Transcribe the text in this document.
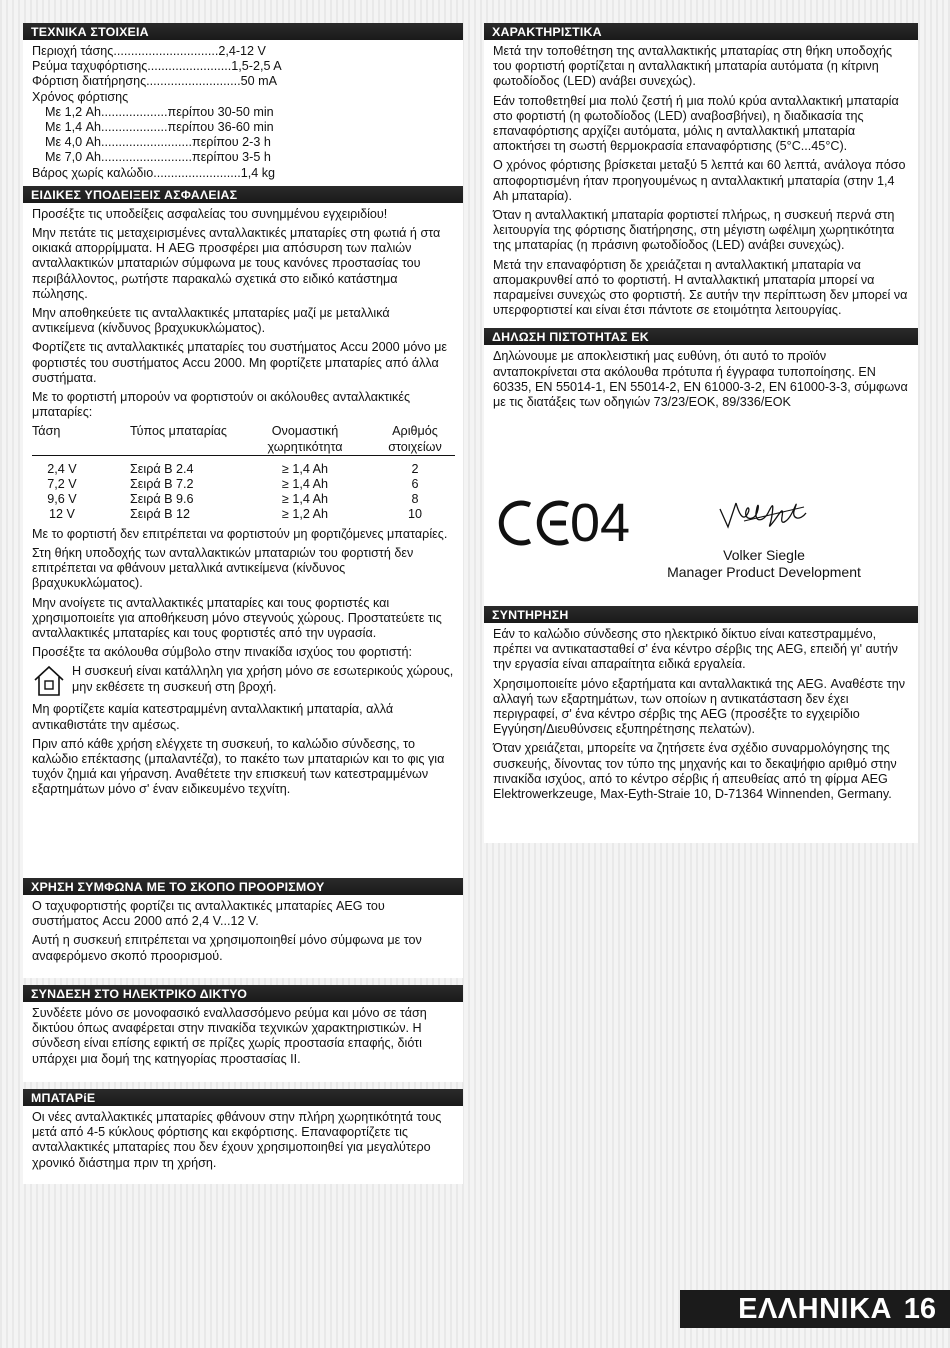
ΤΕΧΝΙΚΑ ΣΤΟΙΧΕΙΑ
Περιοχή τάσης .............................. 2,4-12 V
Ρεύμα ταχυφόρτισης ........................ 1,5-2,5 A
Φόρτιση διατήρησης ........................... 50 mA
Χρόνος φόρτισης
Με 1,2 Ah ................... περίπου 30-50 min
Με 1,4 Ah ................... περίπου 36-60 min
Με 4,0 Ah .......................... περίπου 2-3 h
Με 7,0 Ah .......................... περίπου 3-5 h
Βάρος χωρίς καλώδιο ......................... 1,4 kg
ΕΙΔΙΚΕΣ ΥΠΟΔΕΙΞΕΙΣ ΑΣΦΑΛΕΙΑΣ

Προσέξτε τις υποδείξεις ασφαλείας του συνημμένου εγχειριδίου!

Μην πετάτε τις μεταχειρισμένες ανταλλακτικές μπαταρίες στη φωτιά ή στα οικιακά απορρίμματα. Η AEG προσφέρει μια απόσυρση των παλιών ανταλλακτικών μπαταριών σύμφωνα με τους κανόνες προστασίας του περιβάλλοντος, ρωτήστε παρακαλώ σχετικά στο ειδικό κατάστημα πώλησης.

Μην αποθηκεύετε τις ανταλλακτικές μπαταρίες μαζί με μεταλλικά αντικείμενα (κίνδυνος βραχυκυκλώματος).

Φορτίζετε τις ανταλλακτικές μπαταρίες του συστήματος Accu 2000 μόνο με φορτιστές του συστήματος Accu 2000. Μη φορτίζετε μπαταρίες από άλλα συστήματα.

Με το φορτιστή μπορούν να φορτιστούν οι ακόλουθες ανταλλακτικές μπαταρίες:

Τάση	Τύπος μπαταρίας	Ονομαστική χωρητικότητα	Αριθμός στοιχείων
2,4 V	Σειρά B 2.4	≥ 1,4 Ah	2
7,2 V	Σειρά B 7.2	≥ 1,4 Ah	6
9,6 V	Σειρά B 9.6	≥ 1,4 Ah	8
12 V	Σειρά B 12	≥ 1,2 Ah	10

Με το φορτιστή δεν επιτρέπεται να φορτιστούν μη φορτιζόμενες μπαταρίες.

Στη θήκη υποδοχής των ανταλλακτικών μπαταριών του φορτιστή δεν επιτρέπεται να φθάνουν μεταλλικά αντικείμενα (κίνδυνος βραχυκυκλώματος).

Μην ανοίγετε τις ανταλλακτικές μπαταρίες και τους φορτιστές και χρησιμοποιείτε για αποθήκευση μόνο στεγνούς χώρους. Προστατεύετε τις ανταλλακτικές μπαταρίες και τους φορτιστές από την υγρασία.

Προσέξτε τα ακόλουθα σύμβολο στην πινακίδα ισχύος του φορτιστή:

Η συσκευή είναι κατάλληλη για χρήση μόνο σε εσωτερικούς χώρους, μην εκθέσετε τη συσκευή στη βροχή.

Μη φορτίζετε καμία κατεστραμμένη ανταλλακτική μπαταρία, αλλά αντικαθιστάτε την αμέσως.

Πριν από κάθε χρήση ελέγχετε τη συσκευή, το καλώδιο σύνδεσης, το καλώδιο επέκτασης (μπαλαντέζα), το πακέτο των μπαταριών και το φις για τυχόν ζημιά και γήρανση. Αναθέτετε την επισκευή των κατεστραμμένων εξαρτημάτων μόνο σ' έναν ειδικευμένο τεχνίτη.

ΧΡΗΣΗ ΣΥΜΦΩΝΑ ΜΕ ΤΟ ΣΚΟΠΟ ΠΡΟΟΡΙΣΜΟΥ

Ο ταχυφορτιστής φορτίζει τις ανταλλακτικές μπαταρίες AEG του συστήματος Accu 2000 από 2,4 V...12 V.

Αυτή η συσκευή επιτρέπεται να χρησιμοποιηθεί μόνο σύμφωνα με τον αναφερόμενο σκοπό προορισμού.

ΣΥΝΔΕΣΗ ΣΤΟ ΗΛΕΚΤΡΙΚΟ ΔΙΚΤΥΟ

Συνδέετε μόνο σε μονοφασικό εναλλασσόμενο ρεύμα και μόνο σε τάση δικτύου όπως αναφέρεται στην πινακίδα τεχνικών χαρακτηριστικών. Η σύνδεση είναι επίσης εφικτή σε πρίζες χωρίς προστασία επαφής, διότι υπάρχει μια δομή της κατηγορίας προστασίας II.

ΜΠΑΤΑΡίΕ

Οι νέες ανταλλακτικές μπαταρίες φθάνουν στην πλήρη χωρητικότητά τους μετά από 4-5 κύκλους φόρτισης και εκφόρτισης. Επαναφορτίζετε τις ανταλλακτικές μπαταρίες που δεν έχουν χρησιμοποιηθεί για μεγαλύτερο χρονικό διάστημα πριν τη χρήση.

ΧΑΡΑΚΤΗΡΙΣΤΙΚΑ

Μετά την τοποθέτηση της ανταλλακτικής μπαταρίας στη θήκη υποδοχής του φορτιστή φορτίζεται η ανταλλακτική μπαταρία αυτόματα (η κίτρινη φωτοδίοδος (LED) ανάβει συνεχώς).

Εάν τοποθετηθεί μια πολύ ζεστή ή μια πολύ κρύα ανταλλακτική μπαταρία στο φορτιστή (η φωτοδίοδος (LED) αναβοσβήνει), η διαδικασία της επαναφόρτισης αρχίζει αυτόματα, μόλις η ανταλλακτική μπαταρία αποκτήσει τη σωστή θερμοκρασία επαναφόρτισης (5°C...45°C).

Ο χρόνος φόρτισης βρίσκεται μεταξύ 5 λεπτά και 60 λεπτά, ανάλογα πόσο αποφορτισμένη ήταν προηγουμένως η ανταλλακτική μπαταρία (στην 1,4 Ah μπαταρία).

Όταν η ανταλλακτική μπαταρία φορτιστεί πλήρως, η συσκευή περνά στη λειτουργία της φόρτισης διατήρησης, στη μέγιστη ωφέλιμη χωρητικότητα της μπαταρίας (η πράσινη φωτοδίοδος (LED) ανάβει συνεχώς).

Μετά την επαναφόρτιση δε χρειάζεται η ανταλλακτική μπαταρία να απομακρυνθεί από το φορτιστή. Η ανταλλακτική μπαταρία μπορεί να παραμείνει συνεχώς στο φορτιστή. Σε αυτήν την περίπτωση δεν μπορεί να υπερφορτιστεί και είναι έτσι πάντοτε σε ετοιμότητα λειτουργίας.

ΔΗΛΩΣΗ ΠΙΣΤΟΤΗΤΑΣ ΕΚ

Δηλώνουμε με αποκλειστική μας ευθύνη, ότι αυτό το προϊόν ανταποκρίνεται στα ακόλουθα πρότυπα ή έγγραφα τυποποίησης. EN 60335, EN 55014-1, EN 55014-2, EN 61000-3-2, EN 61000-3-3, σύμφωνα με τις διατάξεις των οδηγιών 73/23/EOK, 89/336/EOK

04
Volker Siegle
Manager Product Development
ΣΥΝΤΗΡΗΣΗ

Εάν το καλώδιο σύνδεσης στο ηλεκτρικό δίκτυο είναι κατεστραμμένο, πρέπει να αντικατασταθεί σ' ένα κέντρο σέρβις της AEG, επειδή γι' αυτήν την εργασία είναι απαραίτητα ειδικά εργαλεία.

Χρησιμοποιείτε μόνο εξαρτήματα και ανταλλακτικά της AEG. Αναθέστε την αλλαγή των εξαρτημάτων, των οποίων η αντικατάσταση δεν έχει περιγραφεί, σ' ένα κέντρο σέρβις της AEG (προσέξτε το εγχειρίδιο Εγγύηση/Διευθύνσεις εξυπηρέτησης πελατών).

Όταν χρειάζεται, μπορείτε να ζητήσετε ένα σχέδιο συναρμολόγησης της συσκευής, δίνοντας τον τύπο της μηχανής και το δεκαψήφιο αριθμό στην πινακίδα ισχύος, από το κέντρο σέρβις ή απευθείας από τη φίρμα AEG Elektrowerkzeuge, Max-Eyth-Straie 10, D-71364 Winnenden, Germany.

ΕΛΛΗΝΙΚΑ 16
